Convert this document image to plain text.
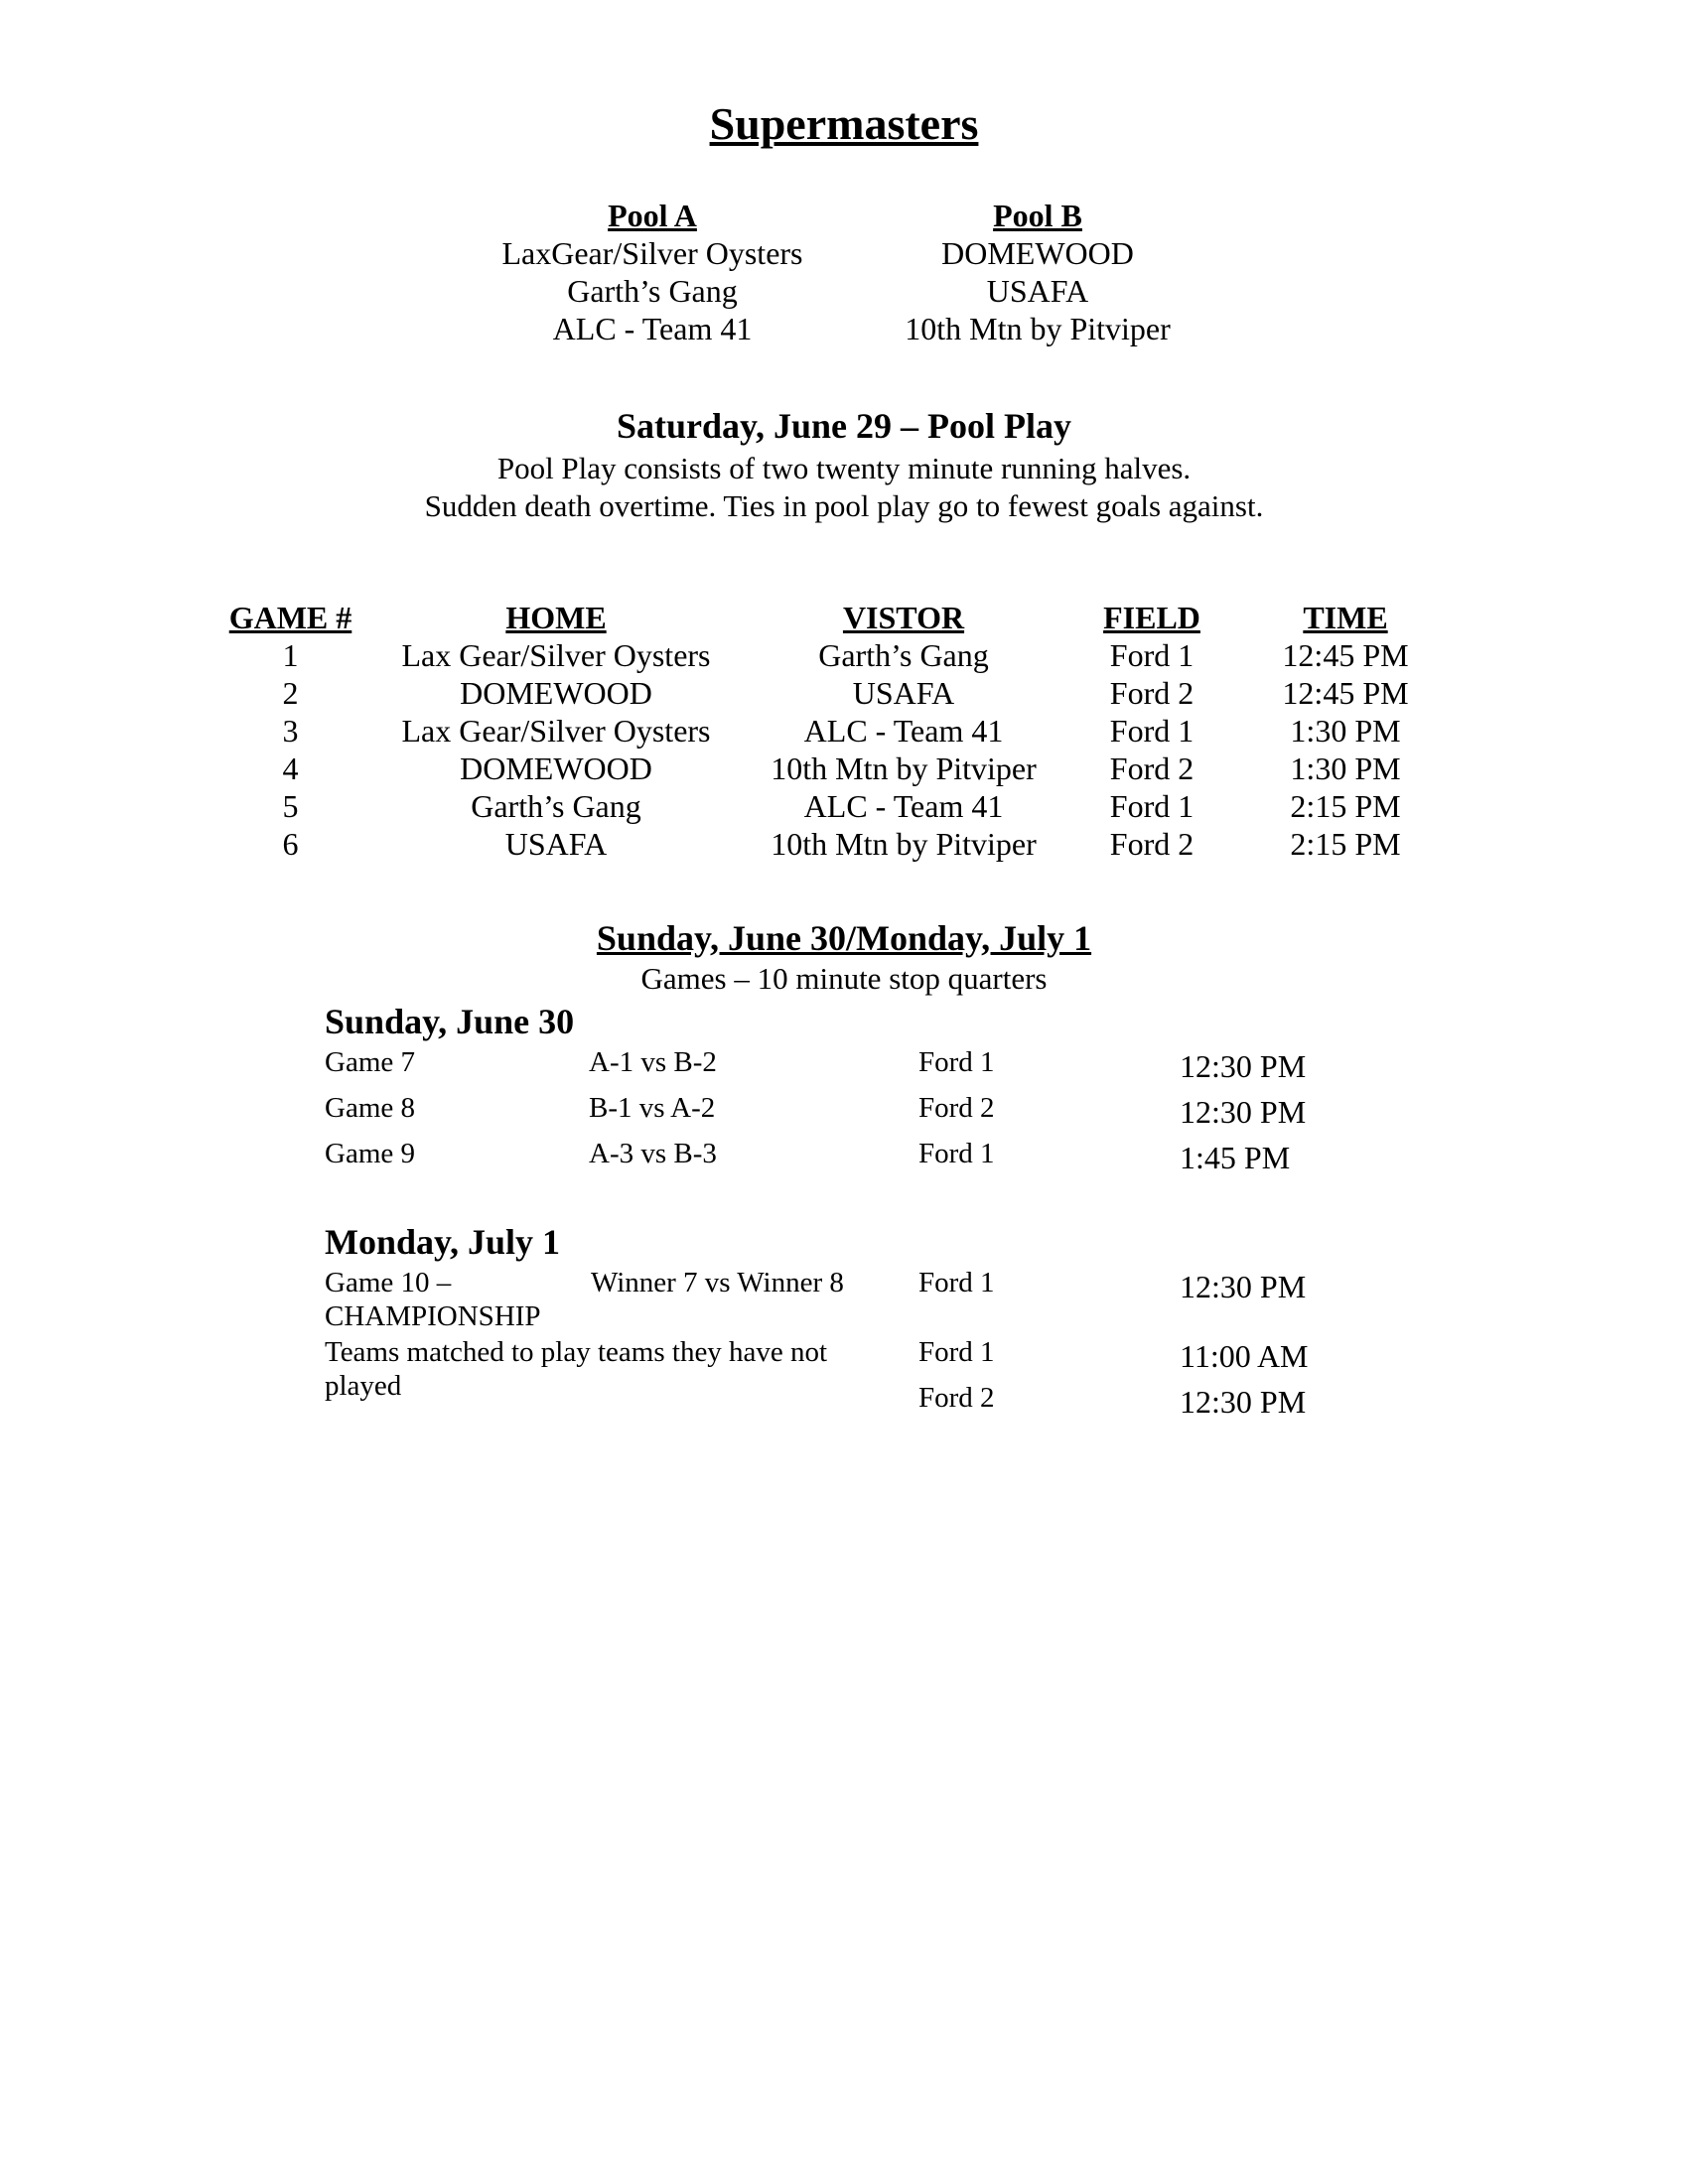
Supermasters
Pool A
LaxGear/Silver Oysters
Garth’s Gang
ALC - Team 41
Pool B
DOMEWOOD
USAFA
10th Mtn by Pitviper
Saturday, June 29 – Pool Play
Pool Play consists of two twenty minute running halves.
Sudden death overtime. Ties in pool play go to fewest goals against.
GAME #	HOME	VISTOR	FIELD	TIME
1	Lax Gear/Silver Oysters	Garth’s Gang	Ford 1	12:45 PM
2	DOMEWOOD	USAFA	Ford 2	12:45 PM
3	Lax Gear/Silver Oysters	ALC - Team 41	Ford 1	1:30 PM
4	DOMEWOOD	10th Mtn by Pitviper	Ford 2	1:30 PM
5	Garth’s Gang	ALC - Team 41	Ford 1	2:15 PM
6	USAFA	10th Mtn by Pitviper	Ford 2	2:15 PM
Sunday, June 30/Monday, July 1
Games – 10 minute stop quarters
Sunday, June 30
Game 7	A-1 vs B-2	Ford 1	12:30 PM
Game 8	B-1 vs A-2	Ford 2	12:30 PM
Game 9	A-3 vs B-3	Ford 1	1:45 PM
Monday, July 1
Game 10 –
CHAMPIONSHIP
Winner 7 vs Winner 8	Ford 1	12:30 PM
Teams matched to play teams they have not
played
Ford 1	11:00 AM
Ford 2	12:30 PM
